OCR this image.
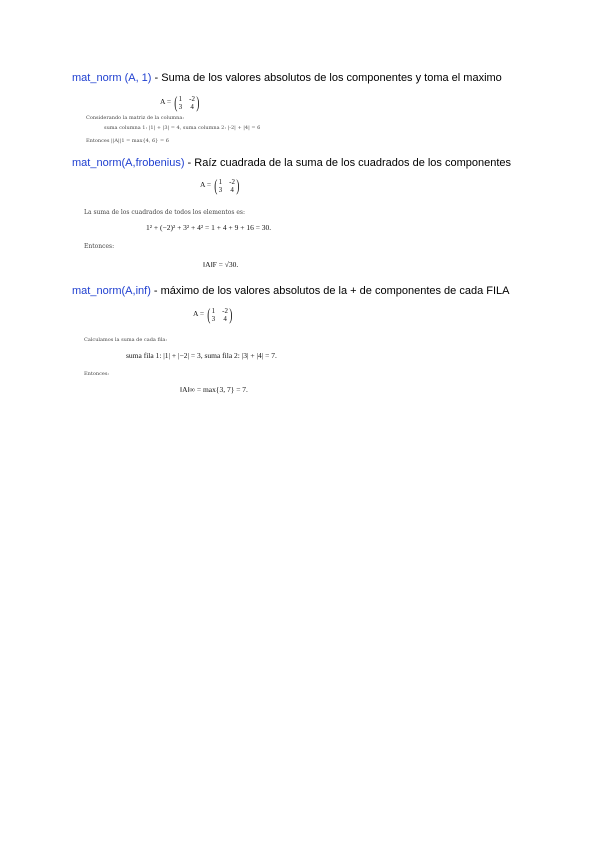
mat_norm (A, 1) - Suma de los valores absolutos de los componentes y toma el maximo
A = ( 1 -2
3 4 )
Considerando la matriz de la columna:
suma columna 1: |1| + |3| = 4, suma columna 2: |-2| + |4| = 6
Entonces ||A||1 = max{4, 6} = 6
mat_norm(A,frobenius) - Raíz cuadrada de la suma de los cuadrados de los componentes
A = ( 1 -2
3 4 )
La suma de los cuadrados de todos los elementos es:
1² + (−2)² + 3² + 4² = 1 + 4 + 9 + 16 = 30.
Entonces:
‖A‖F = √30.
mat_norm(A,inf) - máximo de los valores absolutos de la + de componentes de cada FILA
A = ( 1 -2
3 4 )
Calculamos la suma de cada fila:
suma fila 1: |1| + |−2| = 3, suma fila 2: |3| + |4| = 7.
Entonces:
‖A‖∞ = max{3, 7} = 7.
